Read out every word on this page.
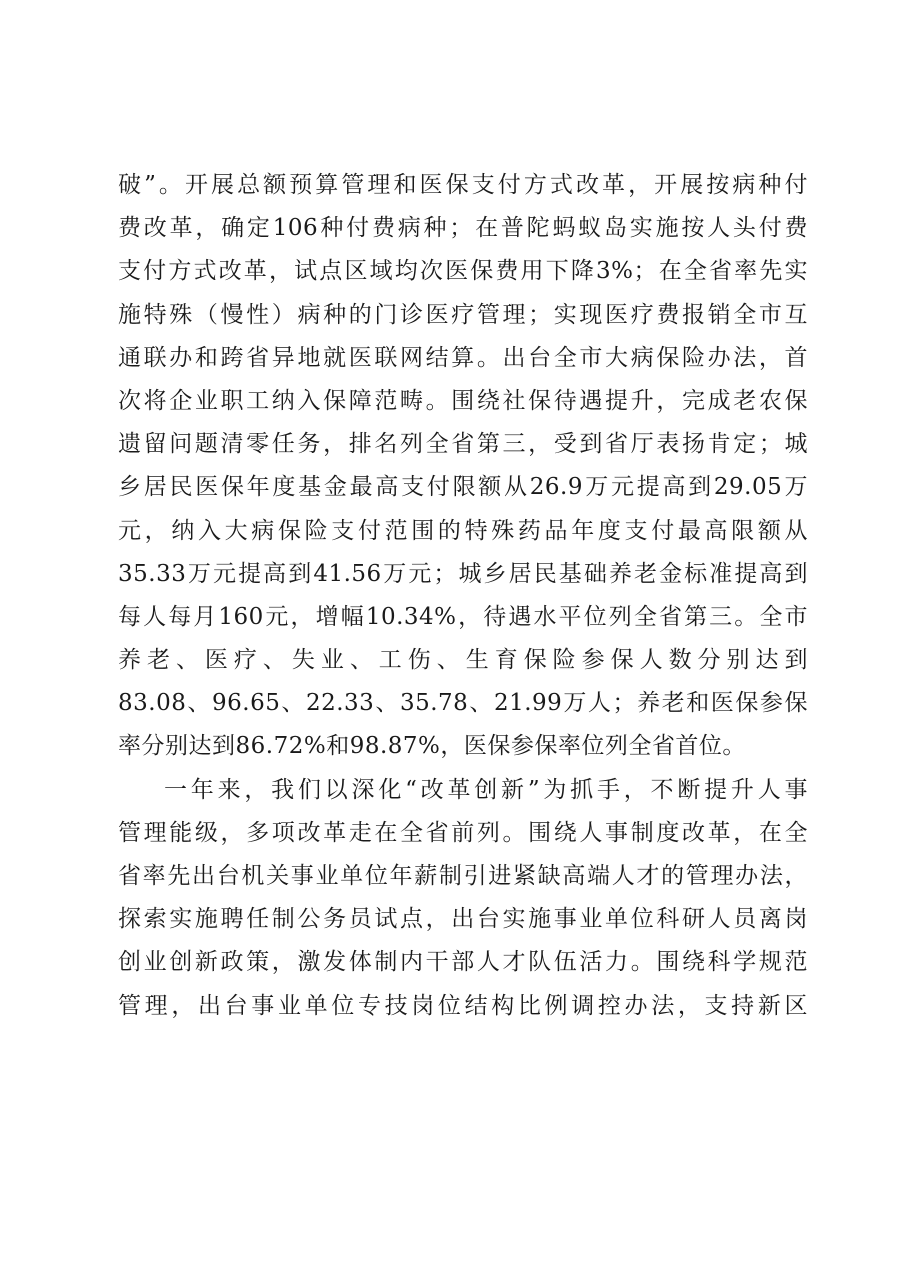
破”。开展总额预算管理和医保支付方式改革，开展按病种付
费改革，确定106种付费病种；在普陀蚂蚁岛实施按人头付费
支付方式改革，试点区域均次医保费用下降3%；在全省率先实
施特殊（慢性）病种的门诊医疗管理；实现医疗费报销全市互
通联办和跨省异地就医联网结算。出台全市大病保险办法，首
次将企业职工纳入保障范畴。围绕社保待遇提升，完成老农保
遗留问题清零任务，排名列全省第三，受到省厅表扬肯定；城
乡居民医保年度基金最高支付限额从26.9万元提高到29.05万
元，纳入大病保险支付范围的特殊药品年度支付最高限额从
35.33万元提高到41.56万元；城乡居民基础养老金标准提高到
每人每月160元，增幅10.34%，待遇水平位列全省第三。全市
养老、医疗、失业、工伤、生育保险参保人数分别达到
83.08、96.65、22.33、35.78、21.99万人；养老和医保参保
率分别达到86.72%和98.87%，医保参保率位列全省首位。
一年来，我们以深化“改革创新”为抓手，不断提升人事
管理能级，多项改革走在全省前列。围绕人事制度改革，在全
省率先出台机关事业单位年薪制引进紧缺高端人才的管理办法，
探索实施聘任制公务员试点，出台实施事业单位科研人员离岗
创业创新政策，激发体制内干部人才队伍活力。围绕科学规范
管理，出台事业单位专技岗位结构比例调控办法，支持新区
